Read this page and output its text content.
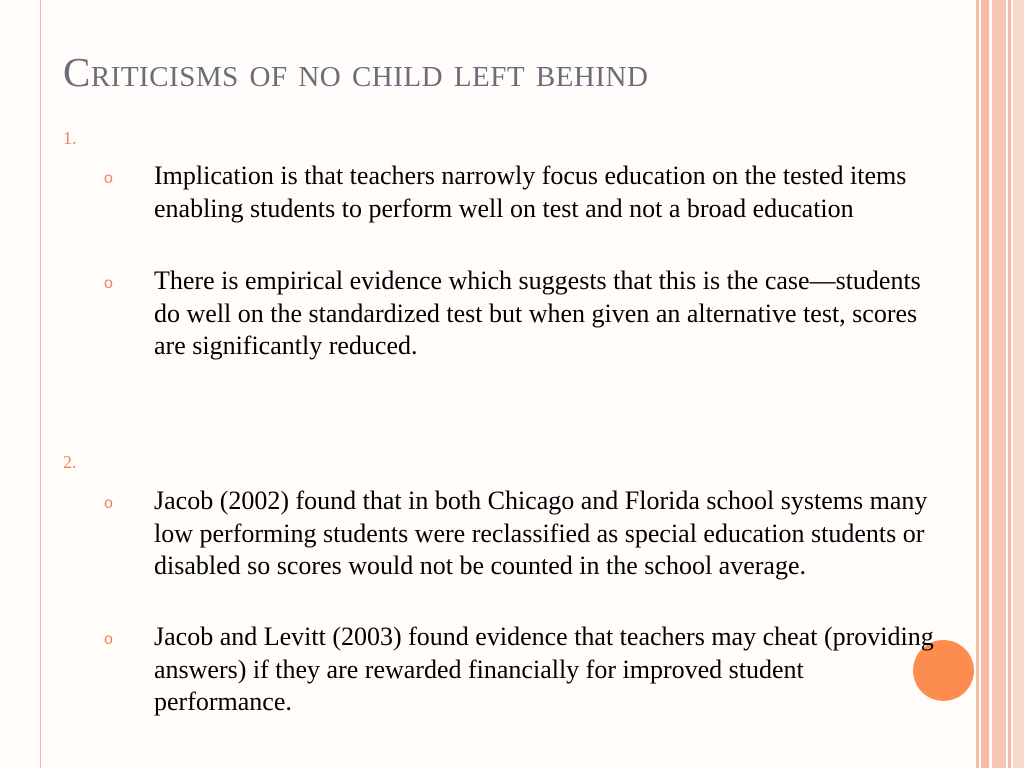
Criticisms of no child left behind
1.
o Implication is that teachers narrowly focus education on the tested items enabling students to perform well on test and not a broad education
o There is empirical evidence which suggests that this is the case—students do well on the standardized test but when given an alternative test, scores are significantly reduced.
2.
o Jacob (2002) found that in both Chicago and Florida school systems many low performing students were reclassified as special education students or disabled so scores would not be counted in the school average.
o Jacob and Levitt (2003) found evidence that teachers may cheat (providing answers) if they are rewarded financially for improved student performance.
